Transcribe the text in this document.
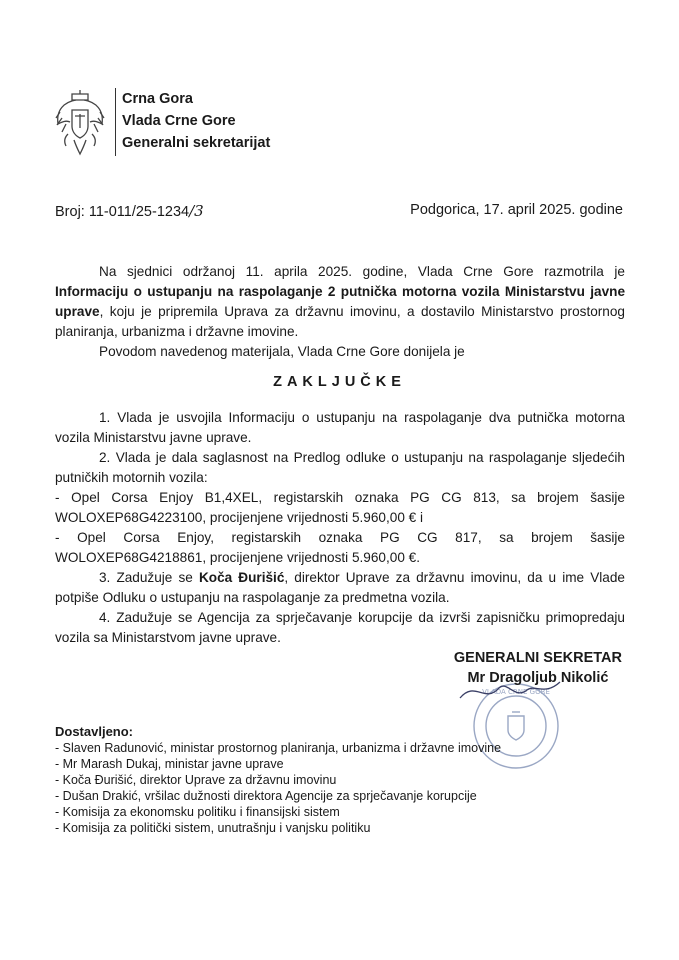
Crna Gora
Vlada Crne Gore
Generalni sekretarijat
Broj: 11-011/25-1234/3	Podgorica, 17. april 2025. godine
Na sjednici održanoj 11. aprila 2025. godine, Vlada Crne Gore razmotrila je Informaciju o ustupanju na raspolaganje 2 putnička motorna vozila Ministarstvu javne uprave, koju je pripremila Uprava za državnu imovinu, a dostavilo Ministarstvo prostornog planiranja, urbanizma i državne imovine.
Povodom navedenog materijala, Vlada Crne Gore donijela je
ZAKLJUČKE
1. Vlada je usvojila Informaciju o ustupanju na raspolaganje dva putnička motorna vozila Ministarstvu javne uprave.
2. Vlada je dala saglasnost na Predlog odluke o ustupanju na raspolaganje sljedećih putničkih motornih vozila:
- Opel Corsa Enjoy B1,4XEL, registarskih oznaka PG CG 813, sa brojem šasije WOLOXEP68G4223100, procijenjene vrijednosti 5.960,00 € i
- Opel Corsa Enjoy, registarskih oznaka PG CG 817, sa brojem šasije WOLOXEP68G4218861, procijenjene vrijednosti 5.960,00 €.
3. Zadužuje se Koča Đurišić, direktor Uprave za državnu imovinu, da u ime Vlade potpiše Odluku o ustupanju na raspolaganje za predmetna vozila.
4. Zadužuje se Agencija za sprječavanje korupcije da izvrši zapisničku primopredaju vozila sa Ministarstvom javne uprave.
VLADA CRNE GORE
GENERALNI SEKRETAR
Mr Dragoljub Nikolić
Dostavljeno:
- Slaven Radunović, ministar prostornog planiranja, urbanizma i državne imovine
- Mr Marash Dukaj, ministar javne uprave
- Koča Đurišić, direktor Uprave za državnu imovinu
- Dušan Drakić, vršilac dužnosti direktora Agencije za sprječavanje korupcije
- Komisija za ekonomsku politiku i finansijski sistem
- Komisija za politički sistem, unutrašnju i vanjsku politiku
